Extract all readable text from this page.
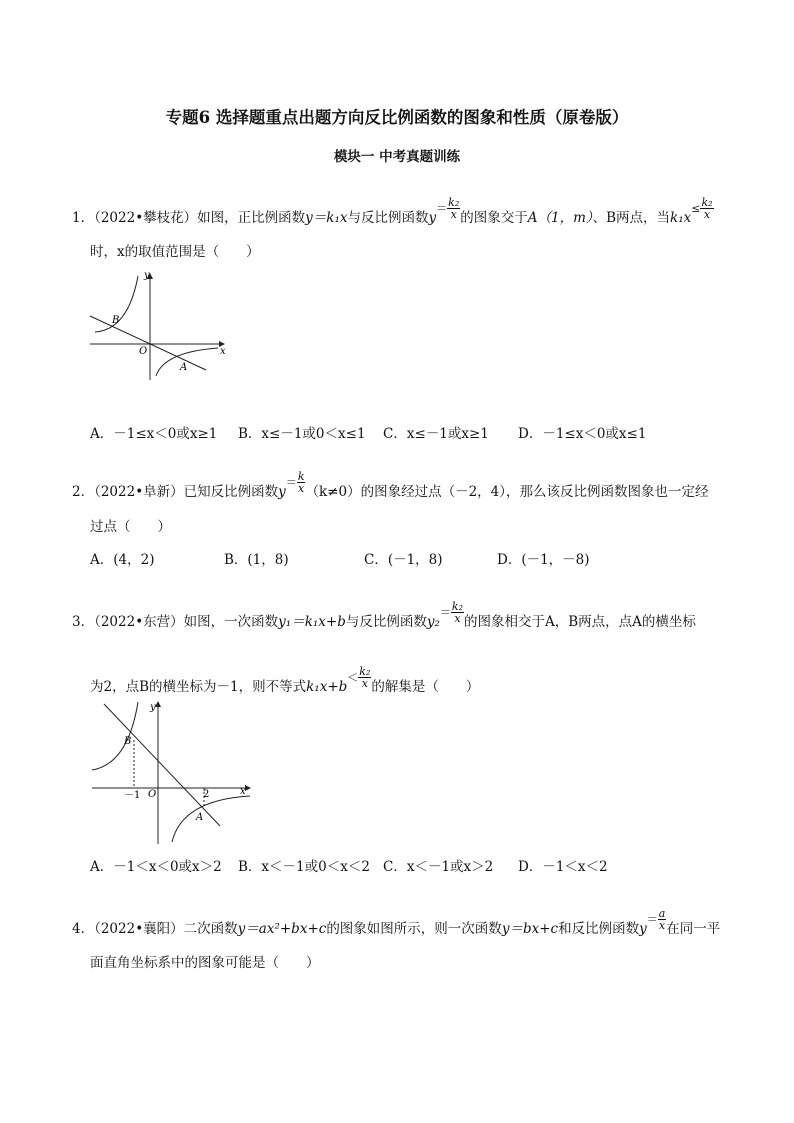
专题6 选择题重点出题方向反比例函数的图象和性质（原卷版）
模块一 中考真题训练
1．（2022•攀枝花）如图，正比例函数y＝k₁x与反比例函数$y= \frac{\text{k₂}}{x}$ 的图象交于A（1，m）、B两点，当$k_1x\le \frac{\text{k₂}}{x}$
时，x的取值范围是（　　）
y
x
O
B
A
A．－1≤x＜0或x≥1 B．x≤－1或0＜x≤1 C．x≤－1或x≥1 D．－1≤x＜0或x≤1
2．（2022•阜新）已知反比例函数$y= \frac{k}{x} (k\ne 0)$的图象经过点（－2，4），那么该反比例函数图象也一定经
过点（　　）
A．(4，2)	B．(1，8)	C．(－1，8)	D．(－1，－8)
3．（2022•东营）如图，一次函数y₁＝k₁x+b与反比例函数$y_2= \frac{\text{k₂}}{x}$ 的图象相交于A，B两点，点A的横坐标
为2，点B的横坐标为－1，则不等式$k_1x+b< \frac{\text{k₂}}{x}$ 的解集是（　　）
y
x
O
B
A
－1	2
A．－1＜x＜0或x＞2 B．x＜－1或0＜x＜2 C．x＜－1或x＞2 D．－1＜x＜2
4．（2022•襄阳）二次函数y＝ax²+bx+c的图象如图所示，则一次函数y＝bx+c和反比例函数$y= \frac{a}{x}$ 在同一平
面直角坐标系中的图象可能是（　　）
